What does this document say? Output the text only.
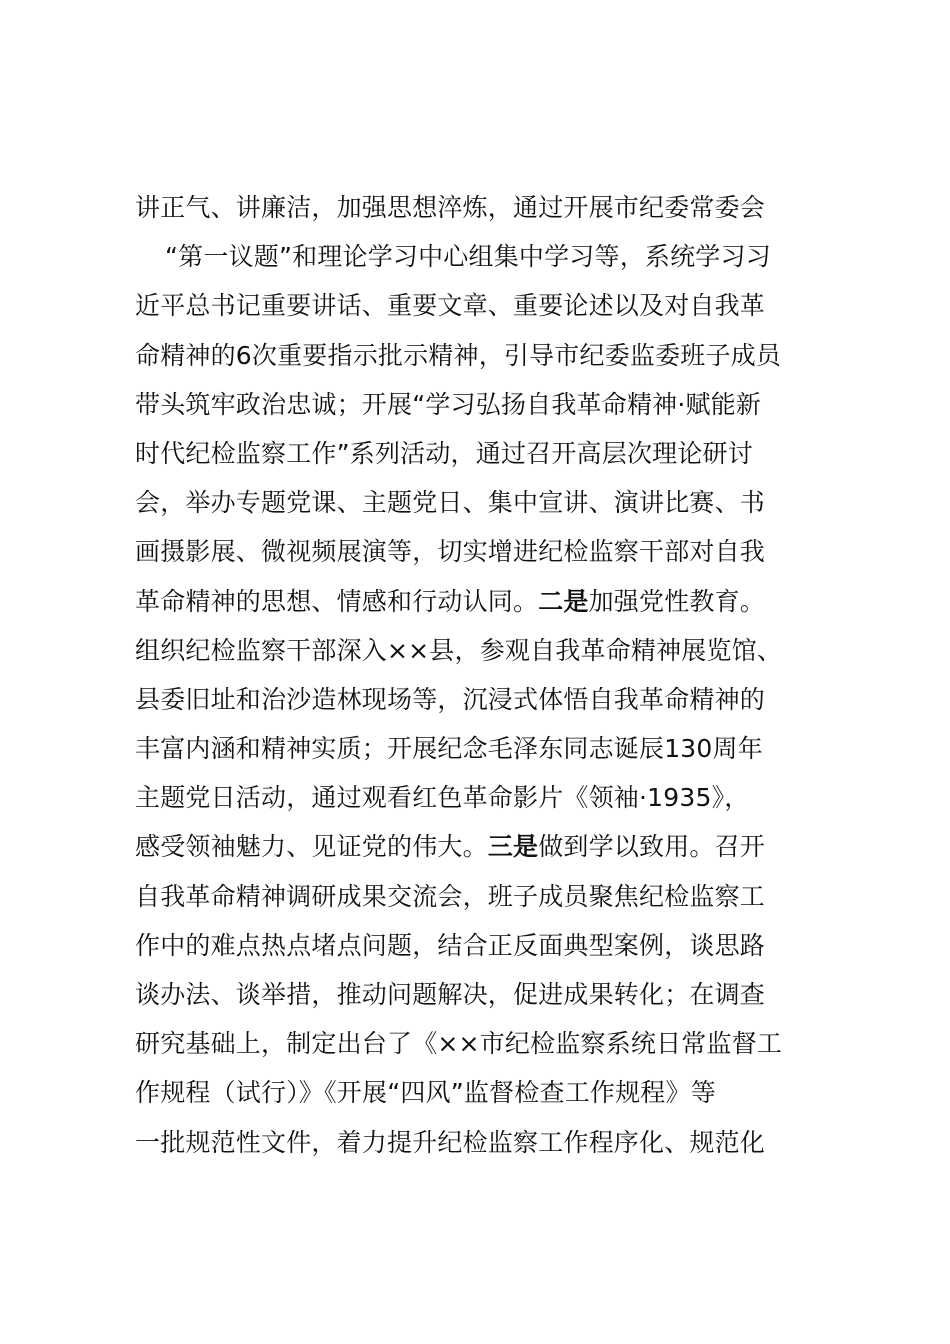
讲正气、讲廉洁，加强思想淬炼，通过开展市纪委常委会
“第一议题”和理论学习中心组集中学习等，系统学习习
近平总书记重要讲话、重要文章、重要论述以及对自我革
命精神的6次重要指示批示精神，引导市纪委监委班子成员
带头筑牢政治忠诚；开展“学习弘扬自我革命精神·赋能新
时代纪检监察工作”系列活动，通过召开高层次理论研讨
会，举办专题党课、主题党日、集中宣讲、演讲比赛、书
画摄影展、微视频展演等，切实增进纪检监察干部对自我
革命精神的思想、情感和行动认同。二是加强党性教育。
组织纪检监察干部深入××县，参观自我革命精神展览馆、
县委旧址和治沙造林现场等，沉浸式体悟自我革命精神的
丰富内涵和精神实质；开展纪念毛泽东同志诞辰130周年
主题党日活动，通过观看红色革命影片《领袖·1935》，
感受领袖魅力、见证党的伟大。三是做到学以致用。召开
自我革命精神调研成果交流会，班子成员聚焦纪检监察工
作中的难点热点堵点问题，结合正反面典型案例，谈思路
谈办法、谈举措，推动问题解决，促进成果转化；在调查
研究基础上，制定出台了《××市纪检监察系统日常监督工
作规程（试行）》《开展“四风”监督检查工作规程》等
一批规范性文件，着力提升纪检监察工作程序化、规范化
